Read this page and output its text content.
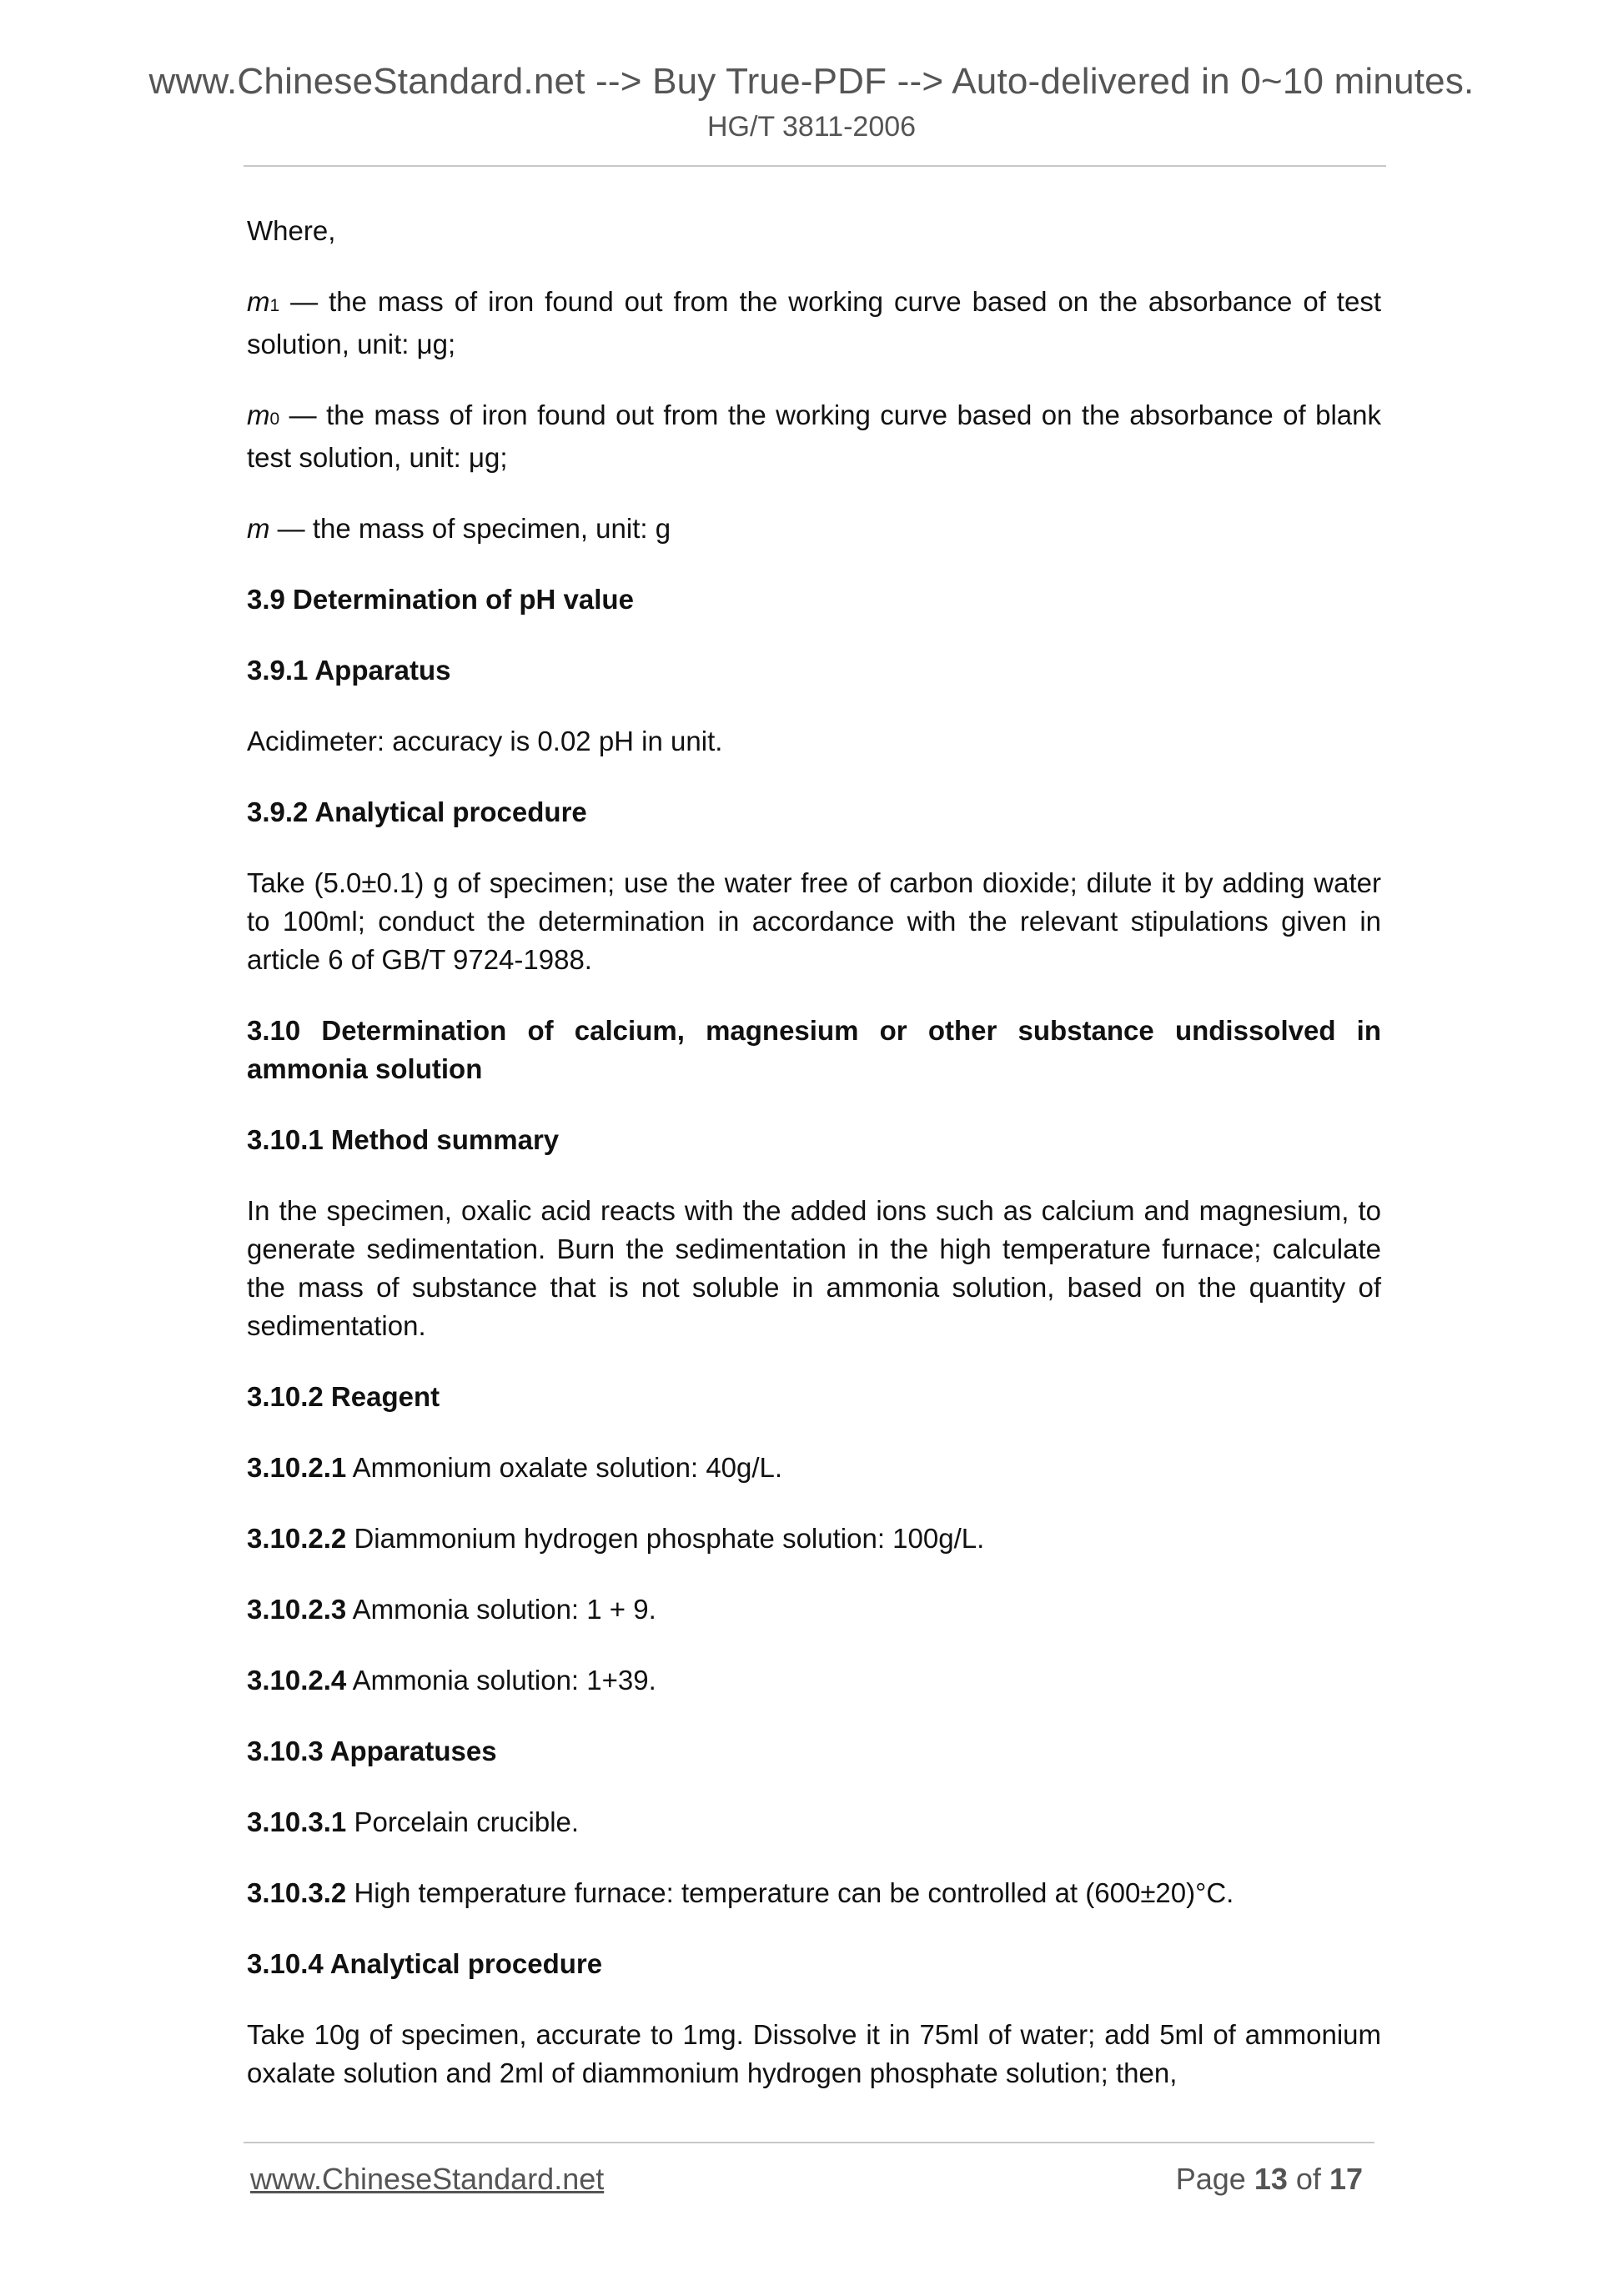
www.ChineseStandard.net --> Buy True-PDF --> Auto-delivered in 0~10 minutes.
HG/T 3811-2006

Where,

m1 — the mass of iron found out from the working curve based on the absorbance of test solution, unit: μg;

m0 — the mass of iron found out from the working curve based on the absorbance of blank test solution, unit: μg;

m — the mass of specimen, unit: g

3.9 Determination of pH value
3.9.1 Apparatus

Acidimeter: accuracy is 0.02 pH in unit.

3.9.2 Analytical procedure

Take (5.0±0.1) g of specimen; use the water free of carbon dioxide; dilute it by adding water to 100ml; conduct the determination in accordance with the relevant stipulations given in article 6 of GB/T 9724-1988.

3.10 Determination of calcium, magnesium or other substance undissolved in ammonia solution
3.10.1 Method summary

In the specimen, oxalic acid reacts with the added ions such as calcium and magnesium, to generate sedimentation. Burn the sedimentation in the high temperature furnace; calculate the mass of substance that is not soluble in ammonia solution, based on the quantity of sedimentation.

3.10.2 Reagent

3.10.2.1 Ammonium oxalate solution: 40g/L.

3.10.2.2 Diammonium hydrogen phosphate solution: 100g/L.

3.10.2.3 Ammonia solution: 1 + 9.

3.10.2.4 Ammonia solution: 1+39.

3.10.3 Apparatuses

3.10.3.1 Porcelain crucible.

3.10.3.2 High temperature furnace: temperature can be controlled at (600±20)°C.

3.10.4 Analytical procedure

Take 10g of specimen, accurate to 1mg. Dissolve it in 75ml of water; add 5ml of ammonium oxalate solution and 2ml of diammonium hydrogen phosphate solution; then,

www.ChineseStandard.net	Page 13 of 17
